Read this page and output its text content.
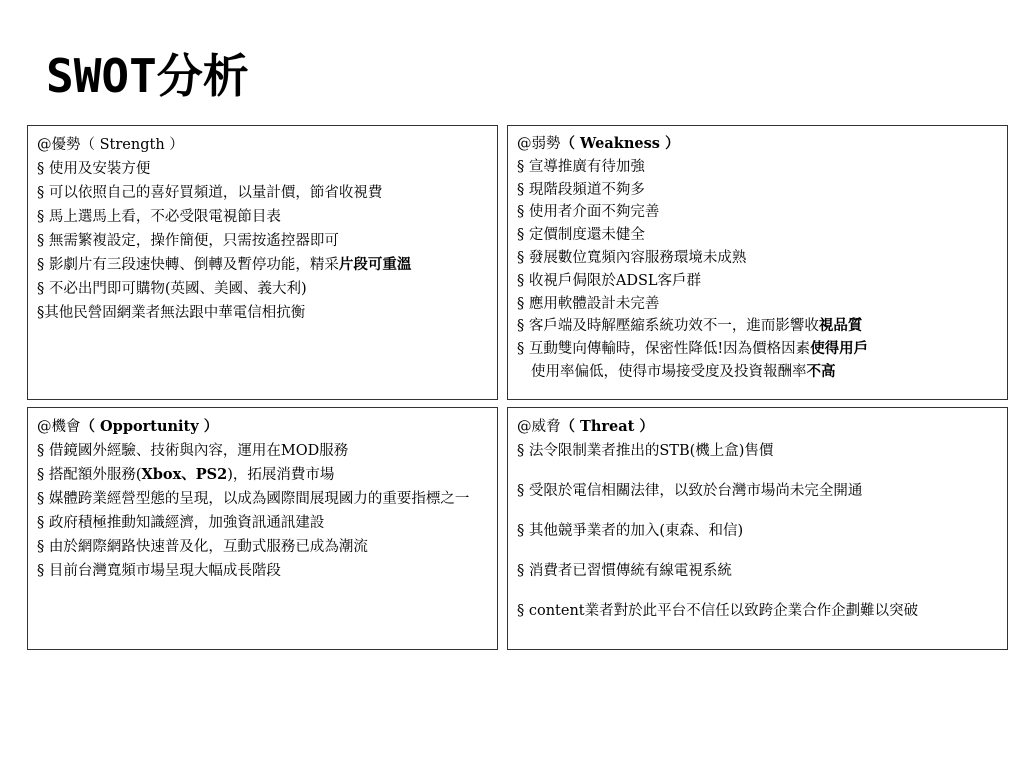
SWOT分析
@優勢（ Strength ）
§ 使用及安裝方便
§ 可以依照自己的喜好買頻道，以量計價，節省收視費
§ 馬上選馬上看，不必受限電視節目表
§ 無需繁複設定，操作簡便，只需按遙控器即可
§ 影劇片有三段速快轉、倒轉及暫停功能，精采片段可重溫
§ 不必出門即可購物(英國、美國、義大利)
§其他民營固網業者無法跟中華電信相抗衡
@弱勢（ Weakness ）
§ 宣導推廣有待加強
§ 現階段頻道不夠多
§ 使用者介面不夠完善
§ 定價制度還未健全
§ 發展數位寬頻內容服務環境未成熟
§ 收視戶侷限於ADSL客戶群
§ 應用軟體設計未完善
§ 客戶端及時解壓縮系統功效不一，進而影響收視品質
§ 互動雙向傳輸時，保密性降低!因為價格因素使得用戶
使用率偏低，使得市場接受度及投資報酬率不高
@機會（ Opportunity ）
§ 借鏡國外經驗、技術與內容，運用在MOD服務
§ 搭配額外服務(Xbox、PS2)，拓展消費市場
§ 媒體跨業經營型態的呈現，以成為國際間展現國力的重要指標之一
§ 政府積極推動知識經濟，加強資訊通訊建設
§ 由於網際網路快速普及化，互動式服務已成為潮流
§ 目前台灣寬頻市場呈現大幅成長階段
@威脅（ Threat ）
§ 法令限制業者推出的STB(機上盒)售價
§ 受限於電信相關法律，以致於台灣市場尚未完全開通
§ 其他競爭業者的加入(東森、和信)
§ 消費者已習慣傳統有線電視系統
§ content業者對於此平台不信任以致跨企業合作企劃難以突破
